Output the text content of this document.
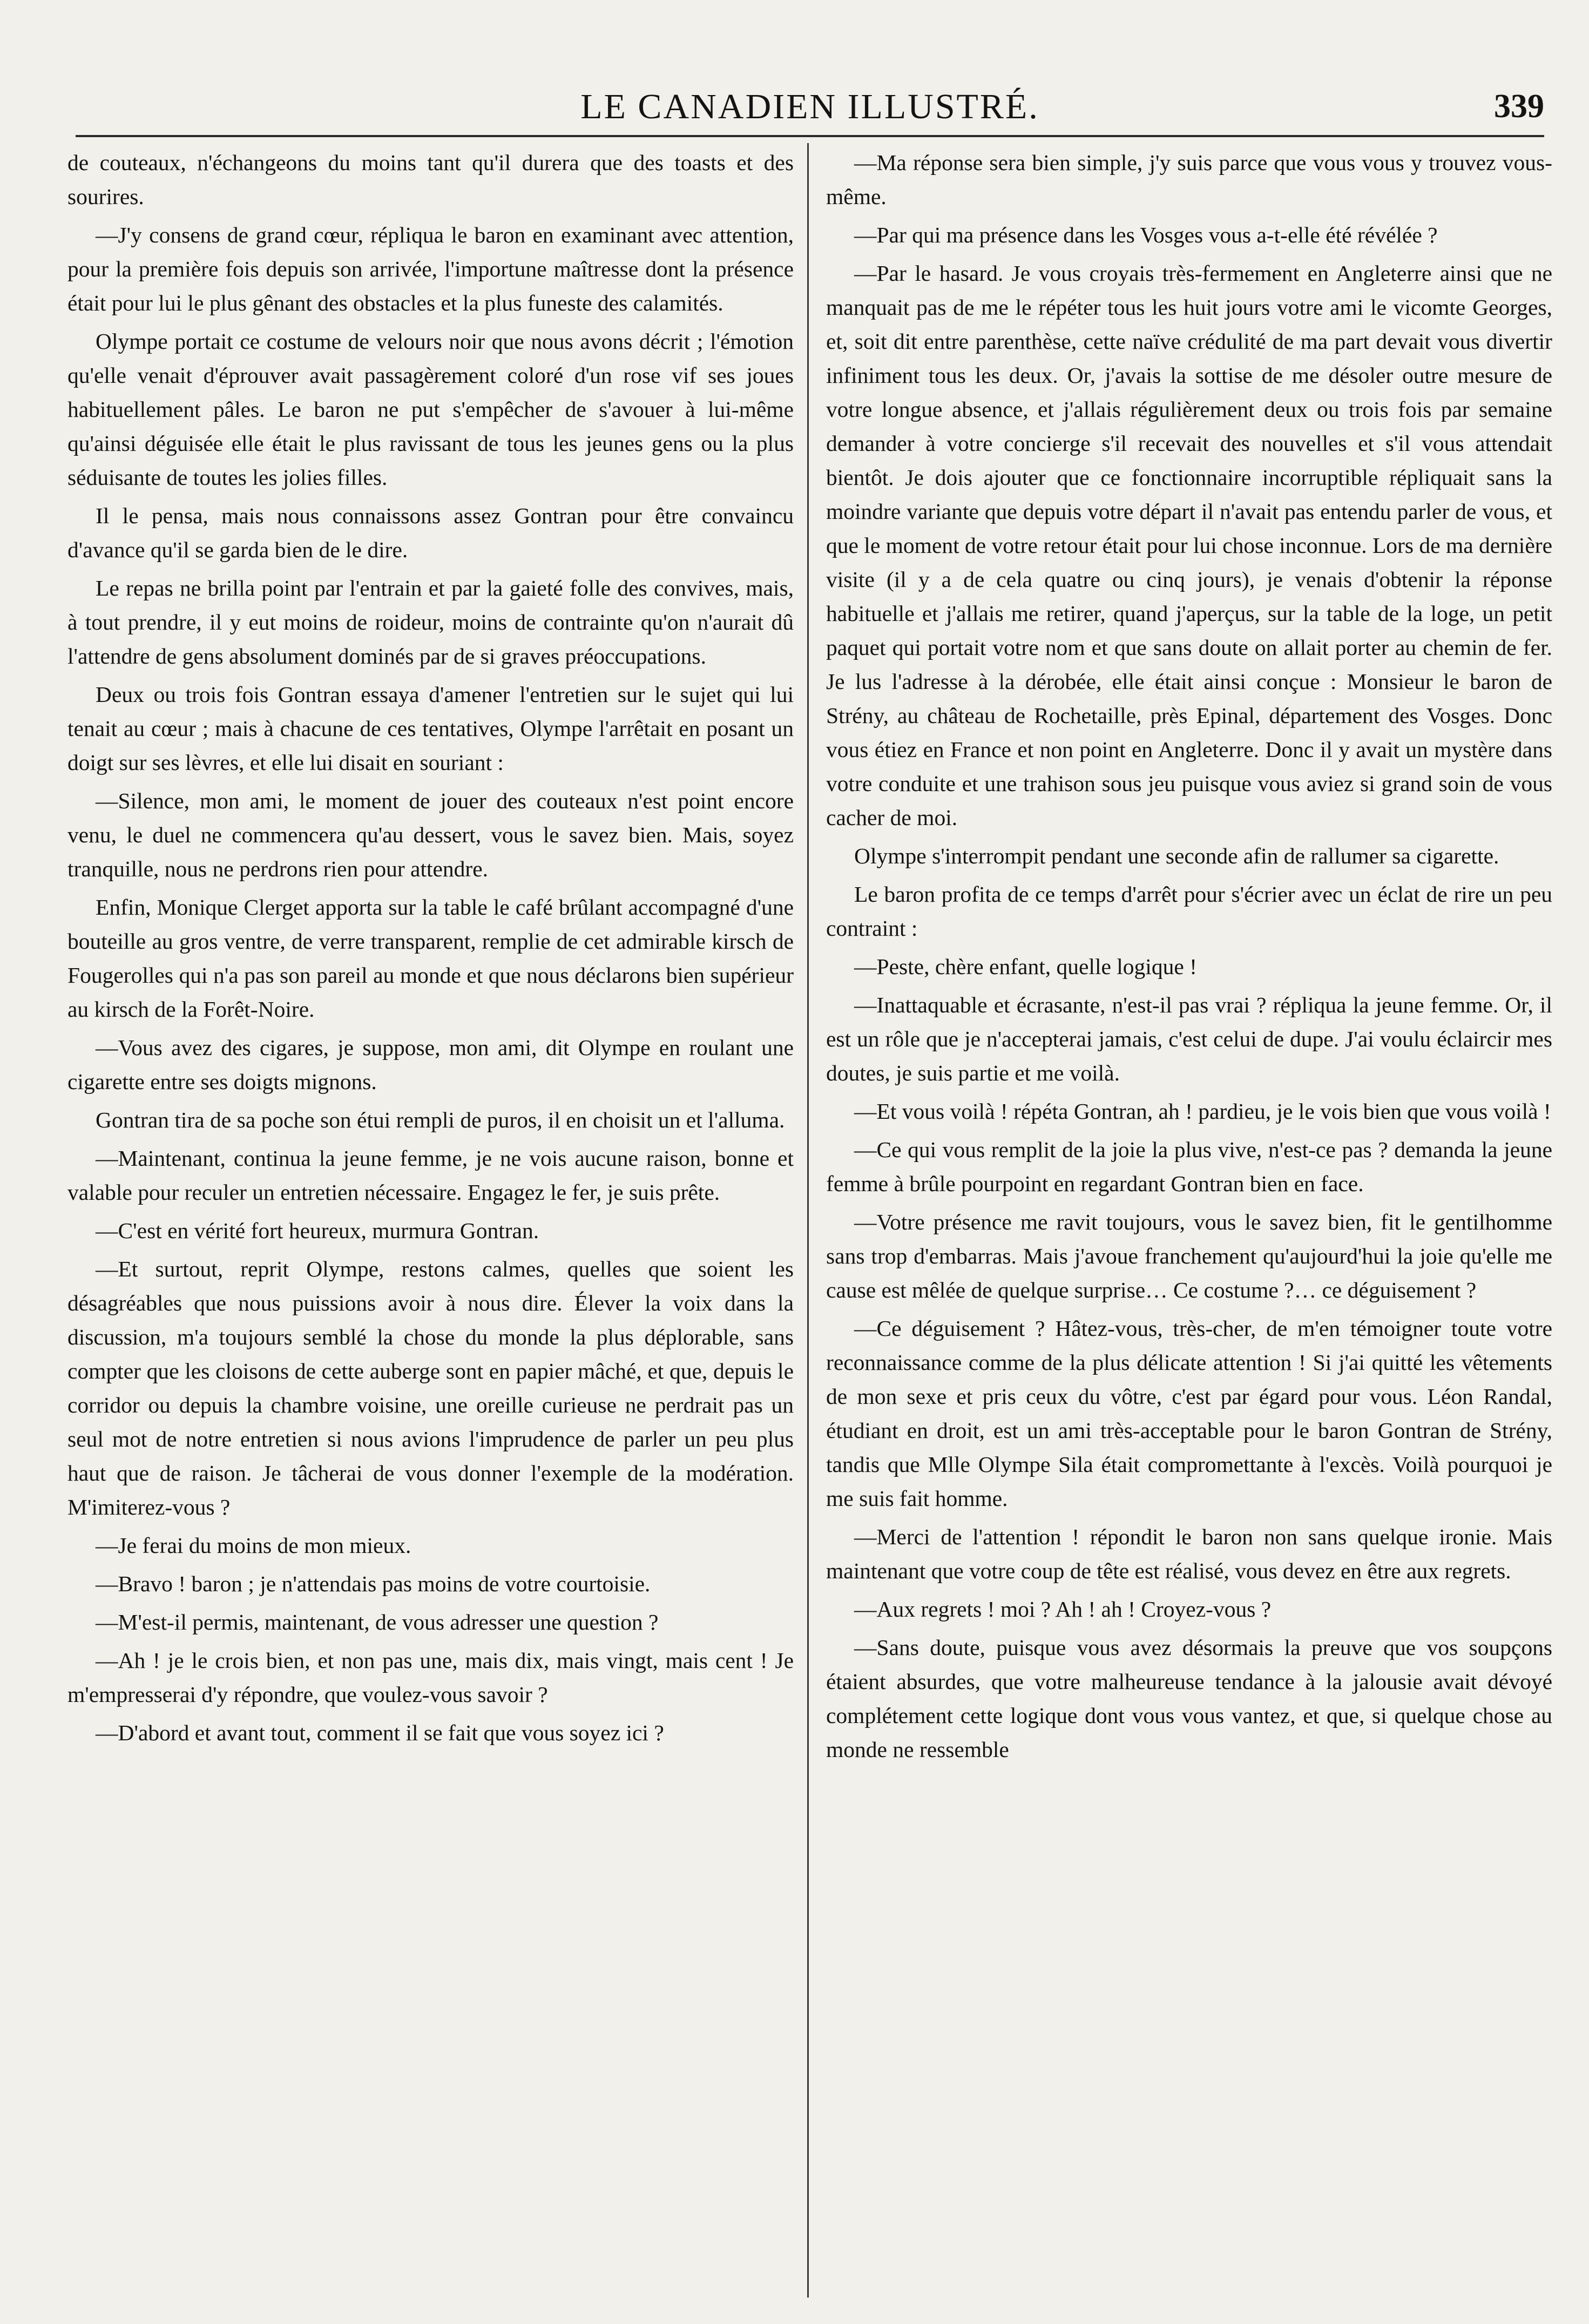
LE CANADIEN ILLUSTRÉ.	339

de couteaux, n'échangeons du moins tant qu'il durera que des toasts et des sourires.

—J'y consens de grand cœur, répliqua le baron en examinant avec attention, pour la première fois depuis son arrivée, l'importune maîtresse dont la présence était pour lui le plus gênant des obstacles et la plus funeste des calamités.

Olympe portait ce costume de velours noir que nous avons décrit ; l'émotion qu'elle venait d'éprouver avait passagèrement coloré d'un rose vif ses joues habituellement pâles. Le baron ne put s'empêcher de s'avouer à lui-même qu'ainsi déguisée elle était le plus ravissant de tous les jeunes gens ou la plus séduisante de toutes les jolies filles.

Il le pensa, mais nous connaissons assez Gontran pour être convaincu d'avance qu'il se garda bien de le dire.

Le repas ne brilla point par l'entrain et par la gaieté folle des convives, mais, à tout prendre, il y eut moins de roideur, moins de contrainte qu'on n'aurait dû l'attendre de gens absolument dominés par de si graves préoccupations.

Deux ou trois fois Gontran essaya d'amener l'entretien sur le sujet qui lui tenait au cœur ; mais à chacune de ces tentatives, Olympe l'arrêtait en posant un doigt sur ses lèvres, et elle lui disait en souriant :

—Silence, mon ami, le moment de jouer des couteaux n'est point encore venu, le duel ne commencera qu'au dessert, vous le savez bien. Mais, soyez tranquille, nous ne perdrons rien pour attendre.

Enfin, Monique Clerget apporta sur la table le café brûlant accompagné d'une bouteille au gros ventre, de verre transparent, remplie de cet admirable kirsch de Fougerolles qui n'a pas son pareil au monde et que nous déclarons bien supérieur au kirsch de la Forêt-Noire.

—Vous avez des cigares, je suppose, mon ami, dit Olympe en roulant une cigarette entre ses doigts mignons.

Gontran tira de sa poche son étui rempli de puros, il en choisit un et l'alluma.

—Maintenant, continua la jeune femme, je ne vois aucune raison, bonne et valable pour reculer un entretien nécessaire. Engagez le fer, je suis prête.

—C'est en vérité fort heureux, murmura Gontran.

—Et surtout, reprit Olympe, restons calmes, quelles que soient les désagréables que nous puissions avoir à nous dire. Élever la voix dans la discussion, m'a toujours semblé la chose du monde la plus déplorable, sans compter que les cloisons de cette auberge sont en papier mâché, et que, depuis le corridor ou depuis la chambre voisine, une oreille curieuse ne perdrait pas un seul mot de notre entretien si nous avions l'imprudence de parler un peu plus haut que de raison. Je tâcherai de vous donner l'exemple de la modération. M'imiterez-vous ?

—Je ferai du moins de mon mieux.

—Bravo ! baron ; je n'attendais pas moins de votre courtoisie.

—M'est-il permis, maintenant, de vous adresser une question ?

—Ah ! je le crois bien, et non pas une, mais dix, mais vingt, mais cent ! Je m'empresserai d'y répondre, que voulez-vous savoir ?

—D'abord et avant tout, comment il se fait que vous soyez ici ?

—Ma réponse sera bien simple, j'y suis parce que vous vous y trouvez vous-même.

—Par qui ma présence dans les Vosges vous a-t-elle été révélée ?

—Par le hasard. Je vous croyais très-fermement en Angleterre ainsi que ne manquait pas de me le répéter tous les huit jours votre ami le vicomte Georges, et, soit dit entre parenthèse, cette naïve crédulité de ma part devait vous divertir infiniment tous les deux. Or, j'avais la sottise de me désoler outre mesure de votre longue absence, et j'allais régulièrement deux ou trois fois par semaine demander à votre concierge s'il recevait des nouvelles et s'il vous attendait bientôt. Je dois ajouter que ce fonctionnaire incorruptible répliquait sans la moindre variante que depuis votre départ il n'avait pas entendu parler de vous, et que le moment de votre retour était pour lui chose inconnue. Lors de ma dernière visite (il y a de cela quatre ou cinq jours), je venais d'obtenir la réponse habituelle et j'allais me retirer, quand j'aperçus, sur la table de la loge, un petit paquet qui portait votre nom et que sans doute on allait porter au chemin de fer. Je lus l'adresse à la dérobée, elle était ainsi conçue : Monsieur le baron de Strény, au château de Rochetaille, près Epinal, département des Vosges. Donc vous étiez en France et non point en Angleterre. Donc il y avait un mystère dans votre conduite et une trahison sous jeu puisque vous aviez si grand soin de vous cacher de moi.

Olympe s'interrompit pendant une seconde afin de rallumer sa cigarette.

Le baron profita de ce temps d'arrêt pour s'écrier avec un éclat de rire un peu contraint :

—Peste, chère enfant, quelle logique !

—Inattaquable et écrasante, n'est-il pas vrai ? répliqua la jeune femme. Or, il est un rôle que je n'accepterai jamais, c'est celui de dupe. J'ai voulu éclaircir mes doutes, je suis partie et me voilà.

—Et vous voilà ! répéta Gontran, ah ! pardieu, je le vois bien que vous voilà !

—Ce qui vous remplit de la joie la plus vive, n'est-ce pas ? demanda la jeune femme à brûle pourpoint en regardant Gontran bien en face.

—Votre présence me ravit toujours, vous le savez bien, fit le gentilhomme sans trop d'embarras. Mais j'avoue franchement qu'aujourd'hui la joie qu'elle me cause est mêlée de quelque surprise… Ce costume ?… ce déguisement ?

—Ce déguisement ? Hâtez-vous, très-cher, de m'en témoigner toute votre reconnaissance comme de la plus délicate attention ! Si j'ai quitté les vêtements de mon sexe et pris ceux du vôtre, c'est par égard pour vous. Léon Randal, étudiant en droit, est un ami très-acceptable pour le baron Gontran de Strény, tandis que Mlle Olympe Sila était compromettante à l'excès. Voilà pourquoi je me suis fait homme.

—Merci de l'attention ! répondit le baron non sans quelque ironie. Mais maintenant que votre coup de tête est réalisé, vous devez en être aux regrets.

—Aux regrets ! moi ? Ah ! ah ! Croyez-vous ?

—Sans doute, puisque vous avez désormais la preuve que vos soupçons étaient absurdes, que votre malheureuse tendance à la jalousie avait dévoyé complétement cette logique dont vous vous vantez, et que, si quelque chose au monde ne ressemble
